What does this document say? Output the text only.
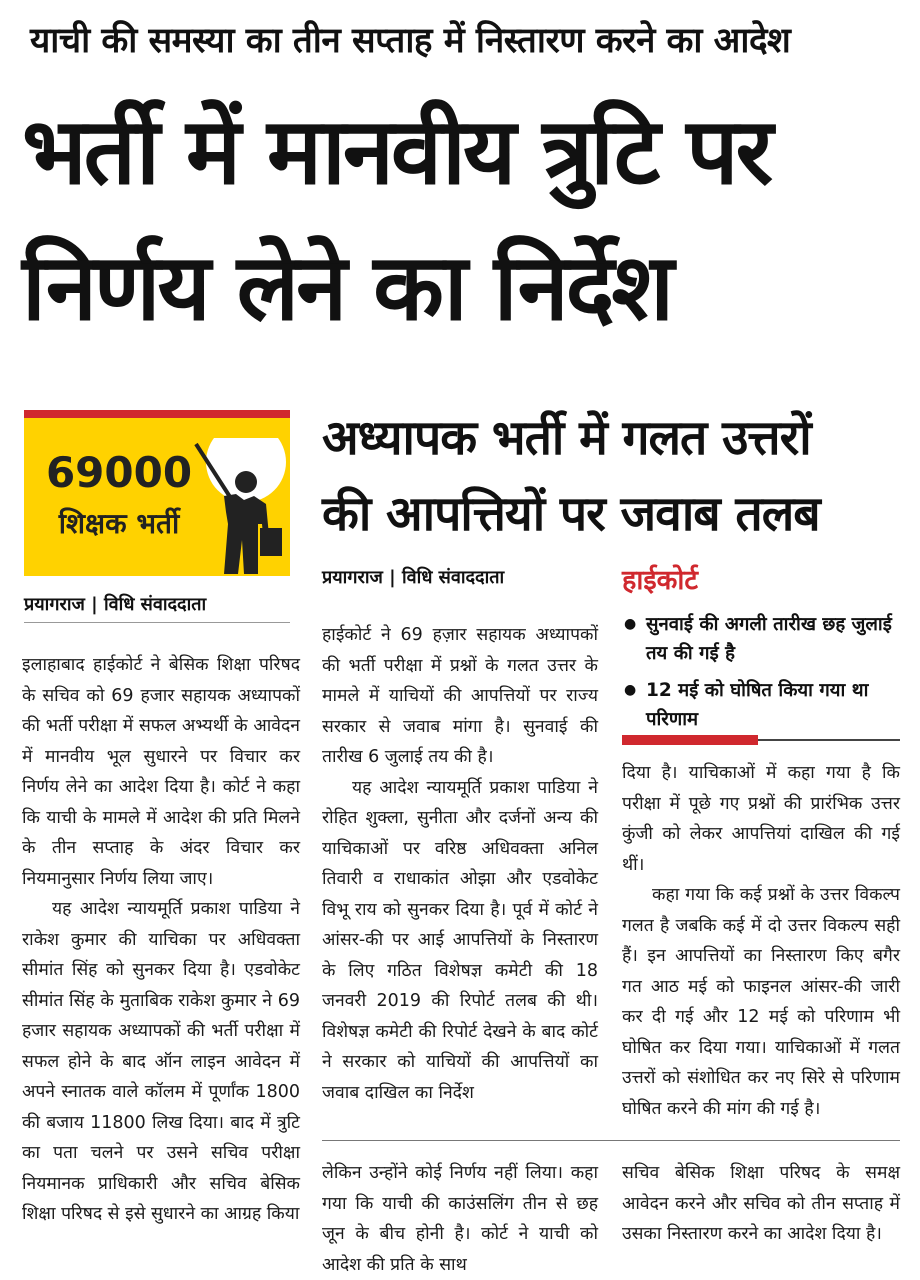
याची की समस्या का तीन सप्ताह में निस्तारण करने का आदेश
भर्ती में मानवीय त्रुटि पर
निर्णय लेने का निर्देश
69000
शिक्षक भर्ती
प्रयागराज | विधि संवाददाता
अध्यापक भर्ती में गलत उत्तरों
की आपत्तियों पर जवाब तलब
प्रयागराज | विधि संवाददाता	हाईकोर्ट
● सुनवाई की अगली तारीख छह जुलाई तय की गई है
● 12 मई को घोषित किया गया था परिणाम

इलाहाबाद हाईकोर्ट ने बेसिक शिक्षा परिषद के सचिव को 69 हजार सहायक अध्यापकों की भर्ती परीक्षा में सफल अभ्यर्थी के आवेदन में मानवीय भूल सुधारने पर विचार कर निर्णय लेने का आदेश दिया है। कोर्ट ने कहा कि याची के मामले में आदेश की प्रति मिलने के तीन सप्ताह के अंदर विचार कर नियमानुसार निर्णय लिया जाए।

यह आदेश न्यायमूर्ति प्रकाश पाडिया ने राकेश कुमार की याचिका पर अधिवक्ता सीमांत सिंह को सुनकर दिया है। एडवोकेट सीमांत सिंह के मुताबिक राकेश कुमार ने 69 हजार सहायक अध्यापकों की भर्ती परीक्षा में सफल होने के बाद ऑन लाइन आवेदन में अपने स्नातक वाले कॉलम में पूर्णांक 1800 की बजाय 11800 लिख दिया। बाद में त्रुटि का पता चलने पर उसने सचिव परीक्षा नियमानक प्राधिकारी और सचिव बेसिक शिक्षा परिषद से इसे सुधारने का आग्रह किया

हाईकोर्ट ने 69 हज़ार सहायक अध्यापकों की भर्ती परीक्षा में प्रश्नों के गलत उत्तर के मामले में याचियों की आपत्तियों पर राज्य सरकार से जवाब मांगा है। सुनवाई की तारीख 6 जुलाई तय की है।

यह आदेश न्यायमूर्ति प्रकाश पाडिया ने रोहित शुक्ला, सुनीता और दर्जनों अन्य की याचिकाओं पर वरिष्ठ अधिवक्ता अनिल तिवारी व राधाकांत ओझा और एडवोकेट विभू राय को सुनकर दिया है। पूर्व में कोर्ट ने आंसर-की पर आई आपत्तियों के निस्तारण के लिए गठित विशेषज्ञ कमेटी की 18 जनवरी 2019 की रिपोर्ट तलब की थी। विशेषज्ञ कमेटी की रिपोर्ट देखने के बाद कोर्ट ने सरकार को याचियों की आपत्तियों का जवाब दाखिल का निर्देश

दिया है। याचिकाओं में कहा गया है कि परीक्षा में पूछे गए प्रश्नों की प्रारंभिक उत्तर कुंजी को लेकर आपत्तियां दाखिल की गई थीं।

कहा गया कि कई प्रश्नों के उत्तर विकल्प गलत है जबकि कई में दो उत्तर विकल्प सही हैं। इन आपत्तियों का निस्तारण किए बगैर गत आठ मई को फाइनल आंसर-की जारी कर दी गई और 12 मई को परिणाम भी घोषित कर दिया गया। याचिकाओं में गलत उत्तरों को संशोधित कर नए सिरे से परिणाम घोषित करने की मांग की गई है।

लेकिन उन्होंने कोई निर्णय नहीं लिया। कहा गया कि याची की काउंसलिंग तीन से छह जून के बीच होनी है। कोर्ट ने याची को आदेश की प्रति के साथ

सचिव बेसिक शिक्षा परिषद के समक्ष आवेदन करने और सचिव को तीन सप्ताह में उसका निस्तारण करने का आदेश दिया है।
